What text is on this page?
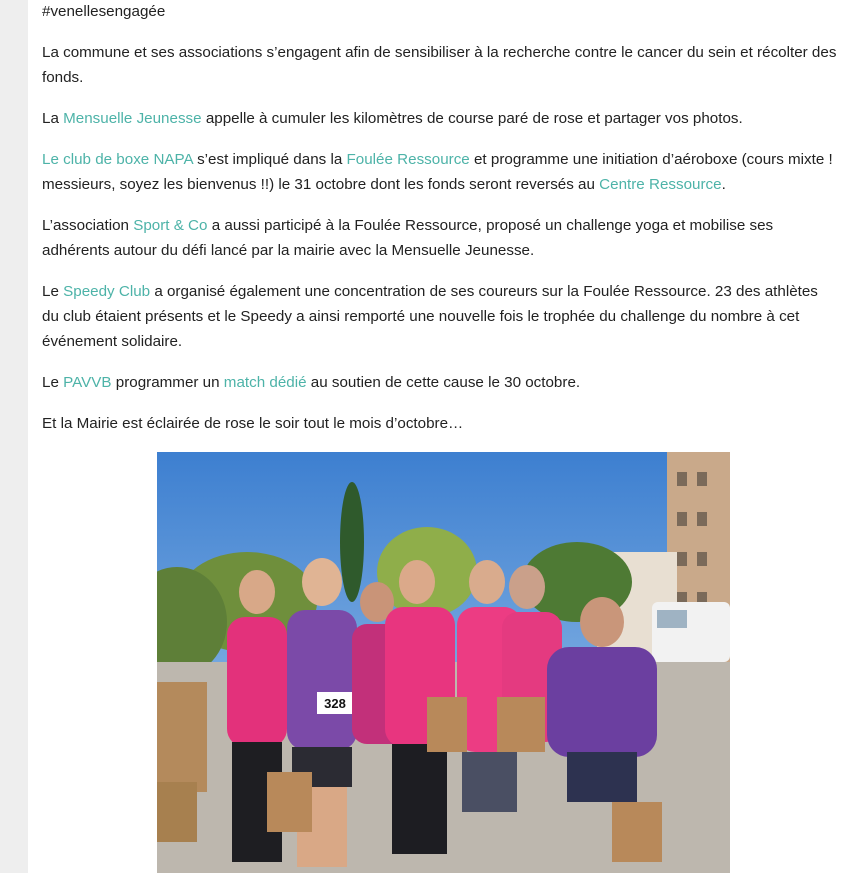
#venellesengagée

La commune et ses associations s’engagent afin de sensibiliser à la recherche contre le cancer du sein et récolter des fonds.

La Mensuelle Jeunesse appelle à cumuler les kilomètres de course paré de rose et partager vos photos.

Le club de boxe NAPA s’est impliqué dans la Foulée Ressource et programme une initiation d’aéroboxe (cours mixte ! messieurs, soyez les bienvenus !!) le 31 octobre dont les fonds seront reversés au Centre Ressource.

L’association Sport & Co a aussi participé à la Foulée Ressource, proposé un challenge yoga et mobilise ses adhérents autour du défi lancé par la mairie avec la Mensuelle Jeunesse.

Le Speedy Club a organisé également une concentration de ses coureurs sur la Foulée Ressource. 23 des athlètes du club étaient présents et le Speedy a ainsi remporté une nouvelle fois le trophée du challenge du nombre à cet événement solidaire.

Le PAVVB programmer un match dédié au soutien de cette cause le 30 octobre.

Et la Mairie est éclairée de rose le soir tout le mois d’octobre…

328
